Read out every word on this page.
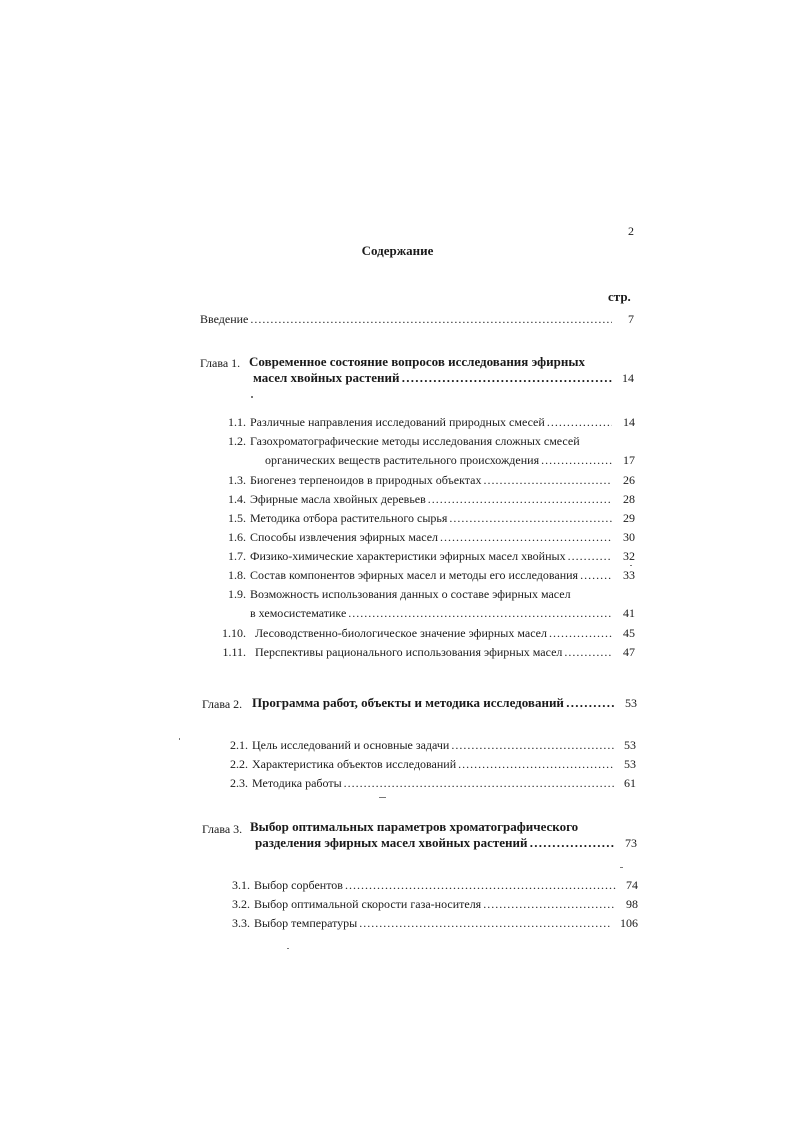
2
Содержание
стр.
Введение . . .	7
Глава 1. Современное состояние вопросов исследования эфирных
масел хвойных растений . . .	14
1.1. Различные направления исследований природных смесей . . .	14
1.2. Газохроматографические методы исследования сложных смесей
органических веществ растительного происхождения . . .	17
1.3. Биогенез терпеноидов в природных объектах . . .	26
1.4. Эфирные масла хвойных деревьев . . .	28
1.5. Методика отбора растительного сырья . . .	29
1.6. Способы извлечения эфирных масел . . .	30
1.7. Физико-химические характеристики эфирных масел хвойных . . .	32
1.8. Состав компонентов эфирных масел и методы его исследования . . .	33
1.9. Возможность использования данных о составе эфирных масел
в хемосистематике . . .	41
1.10. Лесоводственно-биологическое значение эфирных масел . . .	45
1.11. Перспективы рационального использования эфирных масел . . .	47
Глава 2. Программа работ, объекты и методика исследований . . .	53
2.1. Цель исследований и основные задачи . . .	53
2.2. Характеристика объектов исследований . . .	53
2.3. Методика работы . . .	61
Глава 3. Выбор оптимальных параметров хроматографического
разделения эфирных масел хвойных растений . . .	73
3.1. Выбор сорбентов . . .	74
3.2. Выбор оптимальной скорости газа-носителя . . .	98
3.3. Выбор температуры . . .	106
